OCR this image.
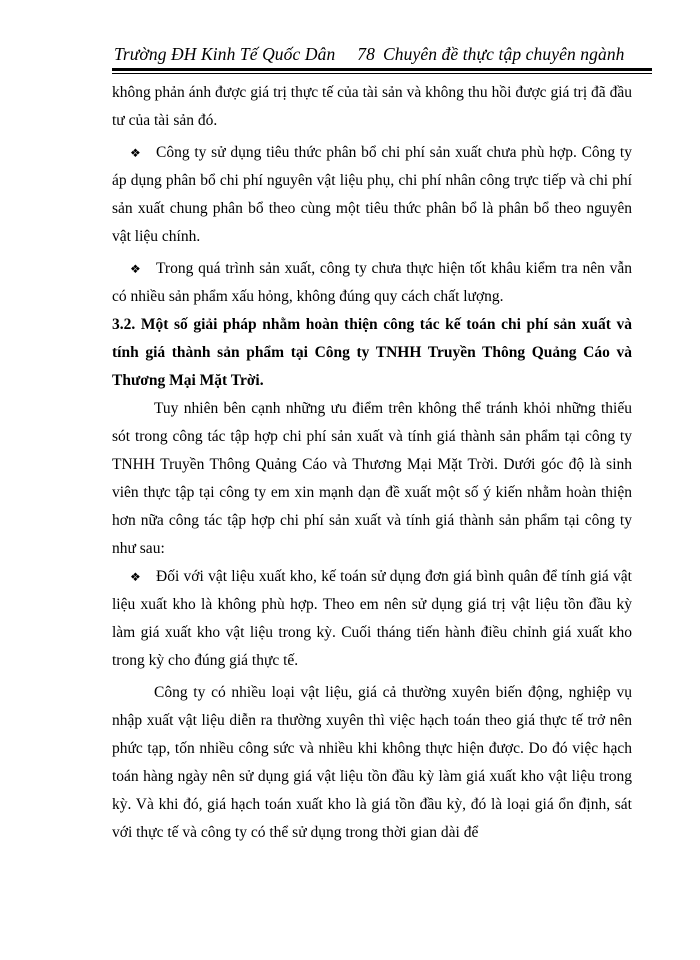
Trường ĐH Kinh Tế Quốc Dân 78 Chuyên đề thực tập chuyên ngành

không phản ánh được giá trị thực tế của tài sản và không thu hồi được giá trị đã đầu tư của tài sản đó.

❖ Công ty sử dụng tiêu thức phân bổ chi phí sản xuất chưa phù hợp. Công ty áp dụng phân bổ chi phí nguyên vật liệu phụ, chi phí nhân công trực tiếp và chi phí sản xuất chung phân bổ theo cùng một tiêu thức phân bổ là phân bổ theo nguyên vật liệu chính.

❖ Trong quá trình sản xuất, công ty chưa thực hiện tốt khâu kiểm tra nên vẫn có nhiều sản phẩm xấu hỏng, không đúng quy cách chất lượng.

3.2. Một số giải pháp nhằm hoàn thiện công tác kế toán chi phí sản xuất và tính giá thành sản phẩm tại Công ty TNHH Truyền Thông Quảng Cáo và Thương Mại Mặt Trời.

Tuy nhiên bên cạnh những ưu điểm trên không thể tránh khỏi những thiếu sót trong công tác tập hợp chi phí sản xuất và tính giá thành sản phẩm tại công ty TNHH Truyền Thông Quảng Cáo và Thương Mại Mặt Trời. Dưới góc độ là sinh viên thực tập tại công ty em xin mạnh dạn đề xuất một số ý kiến nhằm hoàn thiện hơn nữa công tác tập hợp chi phí sản xuất và tính giá thành sản phẩm tại công ty như sau:

❖ Đối với vật liệu xuất kho, kế toán sử dụng đơn giá bình quân để tính giá vật liệu xuất kho là không phù hợp. Theo em nên sử dụng giá trị vật liệu tồn đầu kỳ làm giá xuất kho vật liệu trong kỳ. Cuối tháng tiến hành điều chỉnh giá xuất kho trong kỳ cho đúng giá thực tế.

Công ty có nhiều loại vật liệu, giá cả thường xuyên biến động, nghiệp vụ nhập xuất vật liệu diễn ra thường xuyên thì việc hạch toán theo giá thực tế trở nên phức tạp, tốn nhiều công sức và nhiều khi không thực hiện được. Do đó việc hạch toán hàng ngày nên sử dụng giá vật liệu tồn đầu kỳ làm giá xuất kho vật liệu trong kỳ. Và khi đó, giá hạch toán xuất kho là giá tồn đầu kỳ, đó là loại giá ổn định, sát với thực tế và công ty có thể sử dụng trong thời gian dài để
